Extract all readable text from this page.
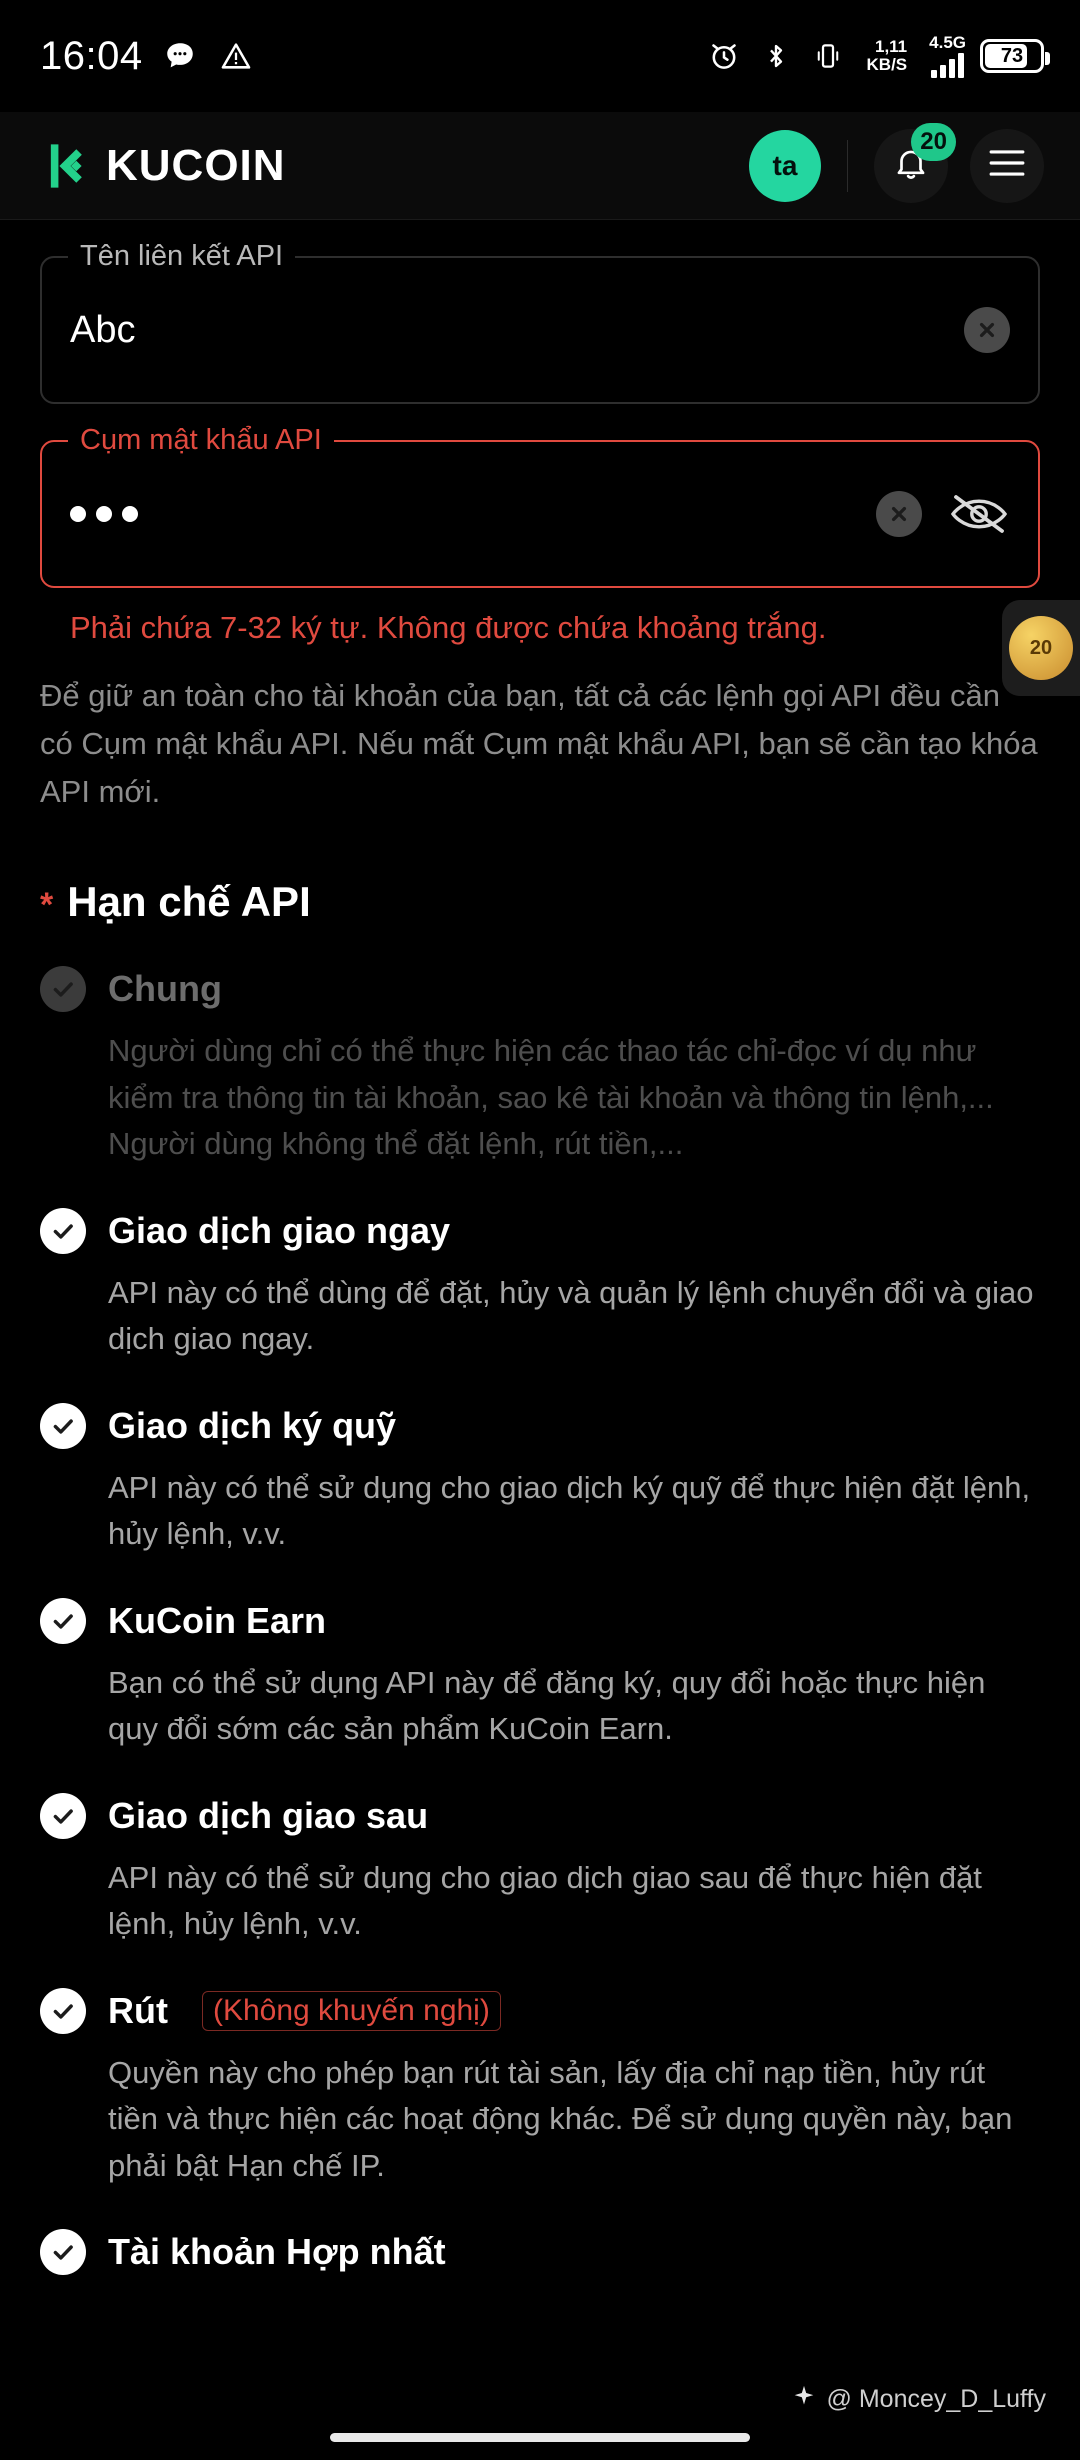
16:04	1,11
KB/S
4.5G
73
KUCOIN	ta
20
Tên liên kết API
Abc
Cụm mật khẩu API
Phải chứa 7-32 ký tự. Không được chứa khoảng trắng.
Để giữ an toàn cho tài khoản của bạn, tất cả các lệnh gọi API đều cần có Cụm mật khẩu API. Nếu mất Cụm mật khẩu API, bạn sẽ cần tạo khóa API mới.
* Hạn chế API
Chung
Người dùng chỉ có thể thực hiện các thao tác chỉ-đọc ví dụ như kiểm tra thông tin tài khoản, sao kê tài khoản và thông tin lệnh,... Người dùng không thể đặt lệnh, rút tiền,...
Giao dịch giao ngay
API này có thể dùng để đặt, hủy và quản lý lệnh chuyển đổi và giao dịch giao ngay.
Giao dịch ký quỹ
API này có thể sử dụng cho giao dịch ký quỹ để thực hiện đặt lệnh, hủy lệnh, v.v.
KuCoin Earn
Bạn có thể sử dụng API này để đăng ký, quy đổi hoặc thực hiện quy đổi sớm các sản phẩm KuCoin Earn.
Giao dịch giao sau
API này có thể sử dụng cho giao dịch giao sau để thực hiện đặt lệnh, hủy lệnh, v.v.
Rút	(Không khuyến nghị)
Quyền này cho phép bạn rút tài sản, lấy địa chỉ nạp tiền, hủy rút tiền và thực hiện các hoạt động khác. Để sử dụng quyền này, bạn phải bật Hạn chế IP.
Tài khoản Hợp nhất
20
@ Moncey_D_Luffy
